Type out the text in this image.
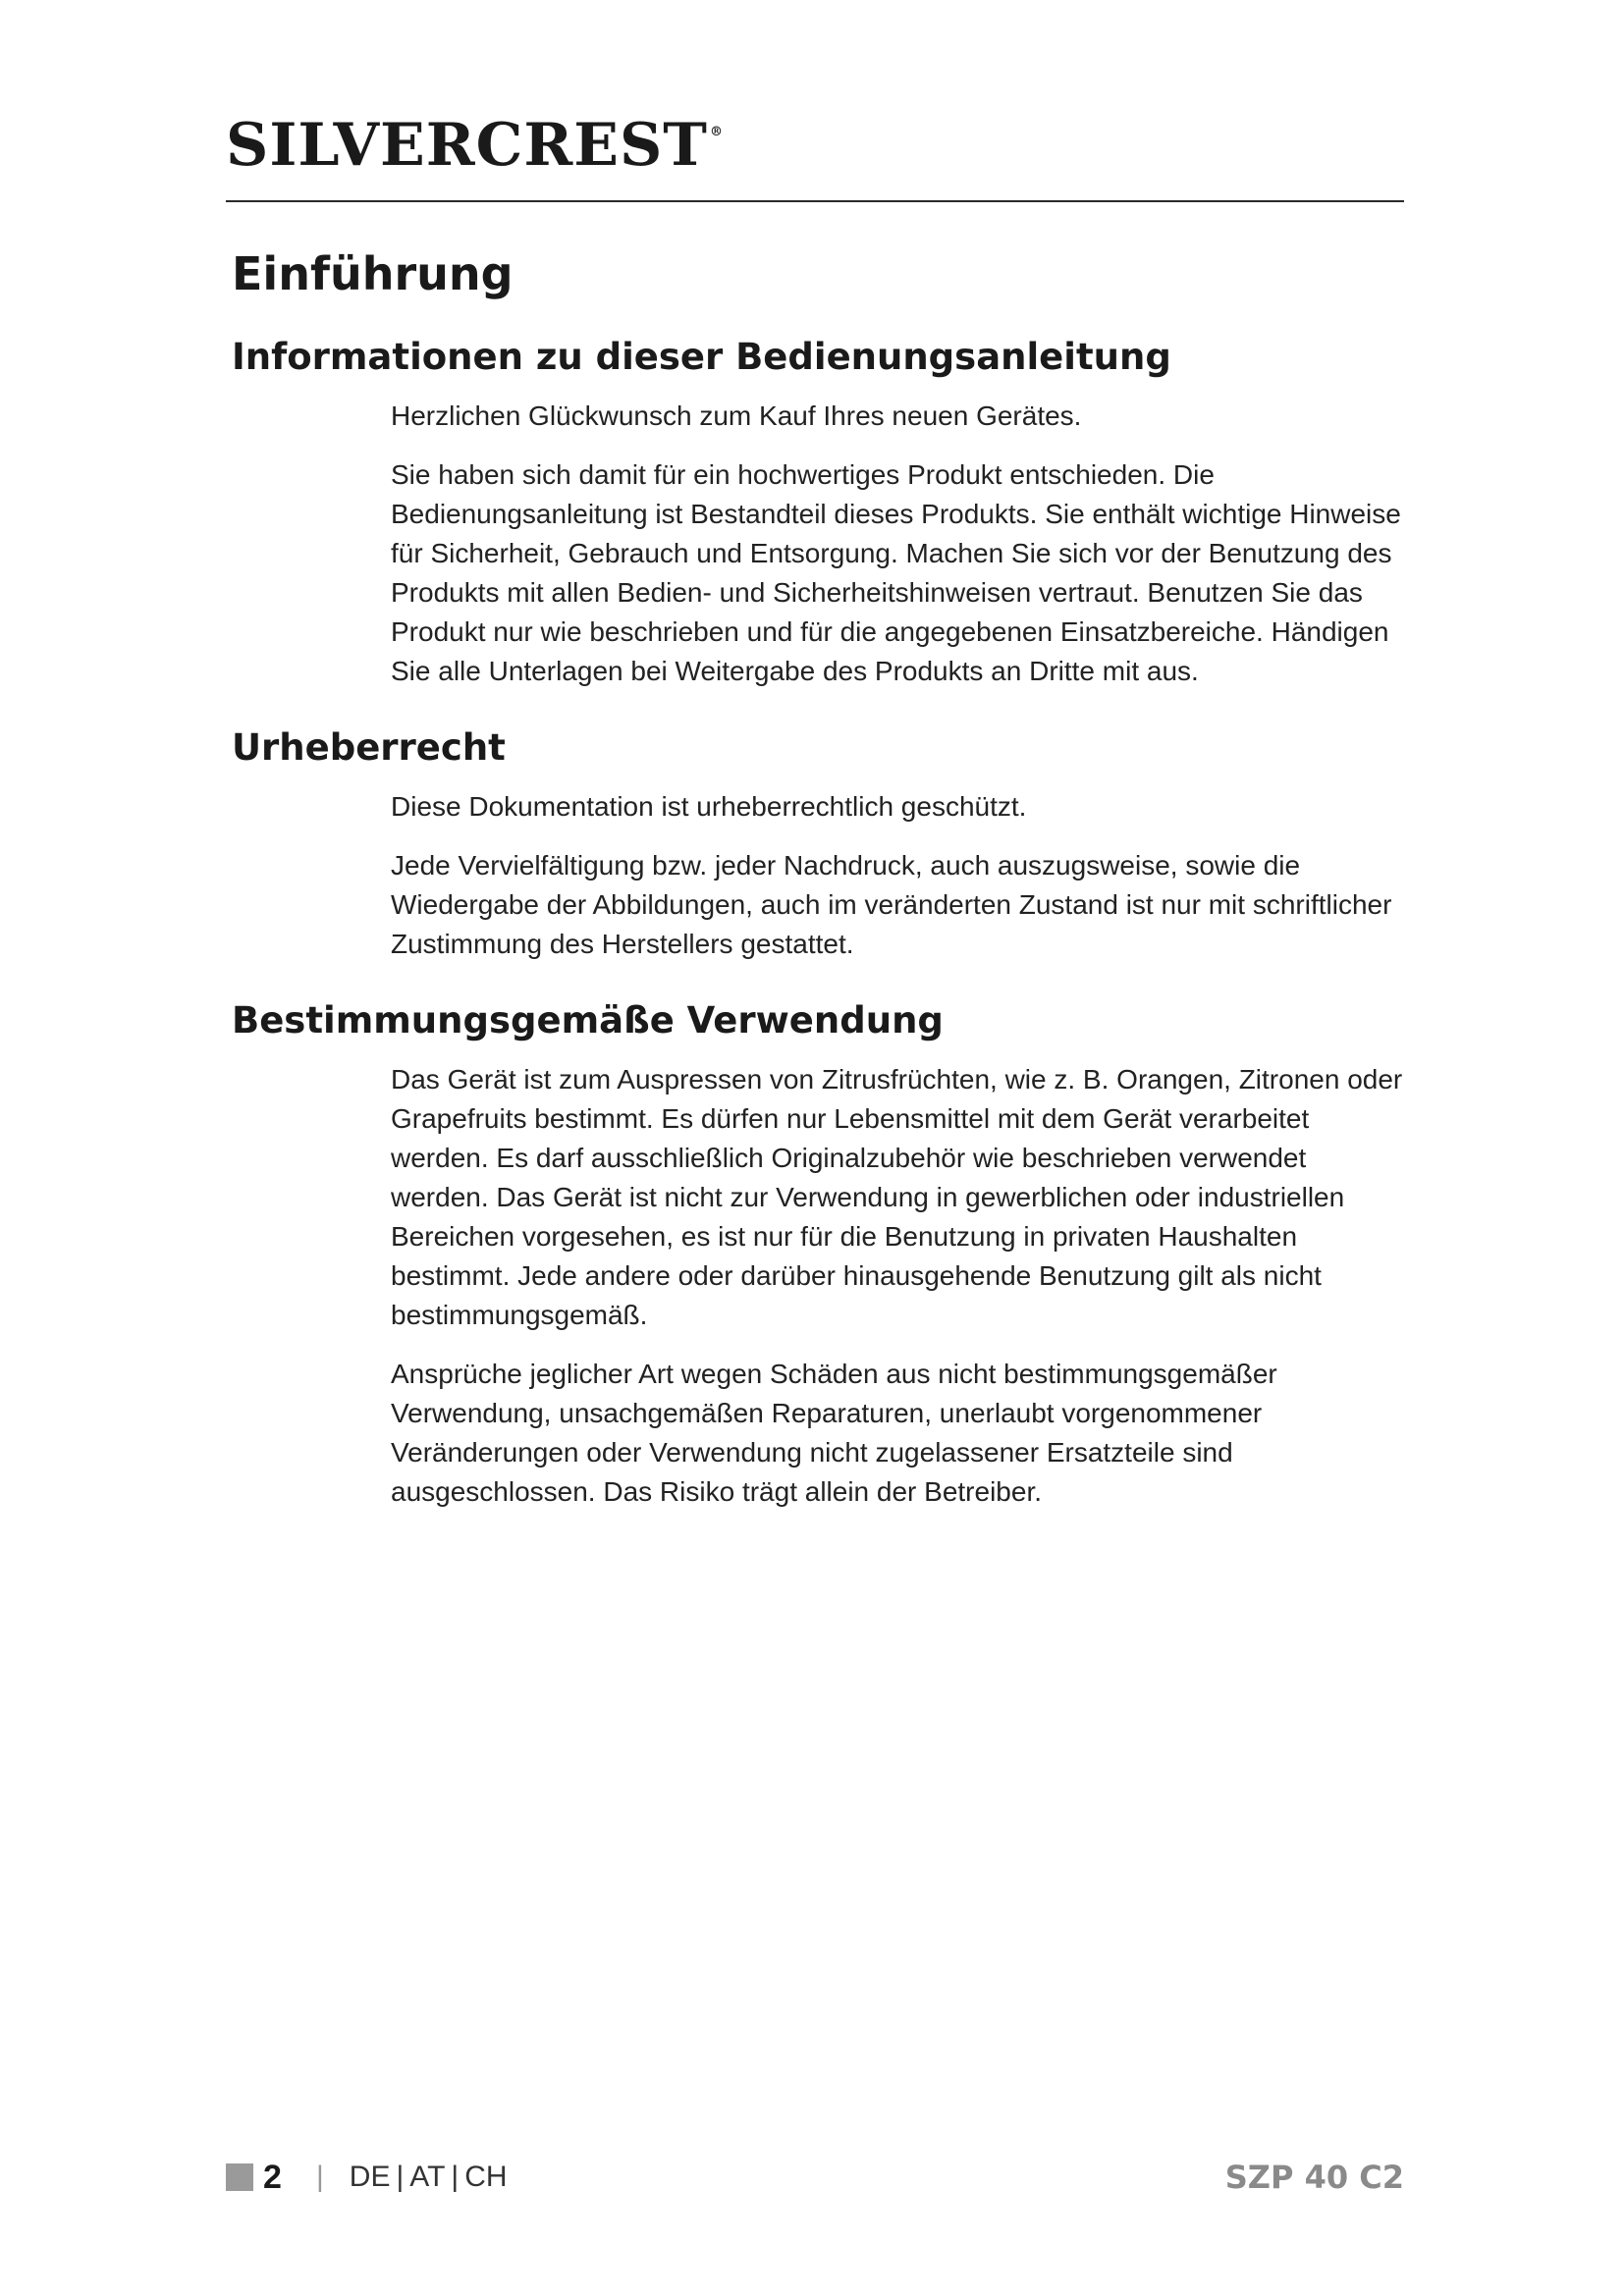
SILVERCREST ®
Einführung
Informationen zu dieser Bedienungsanleitung

Herzlichen Glückwunsch zum Kauf Ihres neuen Gerätes.

Sie haben sich damit für ein hochwertiges Produkt entschieden. Die Bedienungsanleitung ist Bestandteil dieses Produkts. Sie enthält wichtige Hinweise für Sicherheit, Gebrauch und Entsorgung. Machen Sie sich vor der Benutzung des Produkts mit allen Bedien- und Sicherheitshinweisen vertraut. Benutzen Sie das Produkt nur wie beschrieben und für die angegebenen Einsatzbereiche. Händigen Sie alle Unterlagen bei Weitergabe des Produkts an Dritte mit aus.

Urheberrecht

Diese Dokumentation ist urheberrechtlich geschützt.

Jede Vervielfältigung bzw. jeder Nachdruck, auch auszugsweise, sowie die Wiedergabe der Abbildungen, auch im veränderten Zustand ist nur mit schriftlicher Zustimmung des Herstellers gestattet.

Bestimmungsgemäße Verwendung

Das Gerät ist zum Auspressen von Zitrusfrüchten, wie z. B. Orangen, Zitronen oder Grapefruits bestimmt. Es dürfen nur Lebensmittel mit dem Gerät verarbeitet werden. Es darf ausschließlich Originalzubehör wie beschrieben verwendet werden. Das Gerät ist nicht zur Verwendung in gewerblichen oder industriellen Bereichen vorgesehen, es ist nur für die Benutzung in privaten Haushalten bestimmt. Jede andere oder darüber hinausgehende Benutzung gilt als nicht bestimmungsgemäß.

Ansprüche jeglicher Art wegen Schäden aus nicht bestimmungsgemäßer Verwendung, unsachgemäßen Reparaturen, unerlaubt vorgenommener Veränderungen oder Verwendung nicht zugelassener Ersatzteile sind ausgeschlossen. Das Risiko trägt allein der Betreiber.

2 | DE | AT | CH	SZP 40 C2
